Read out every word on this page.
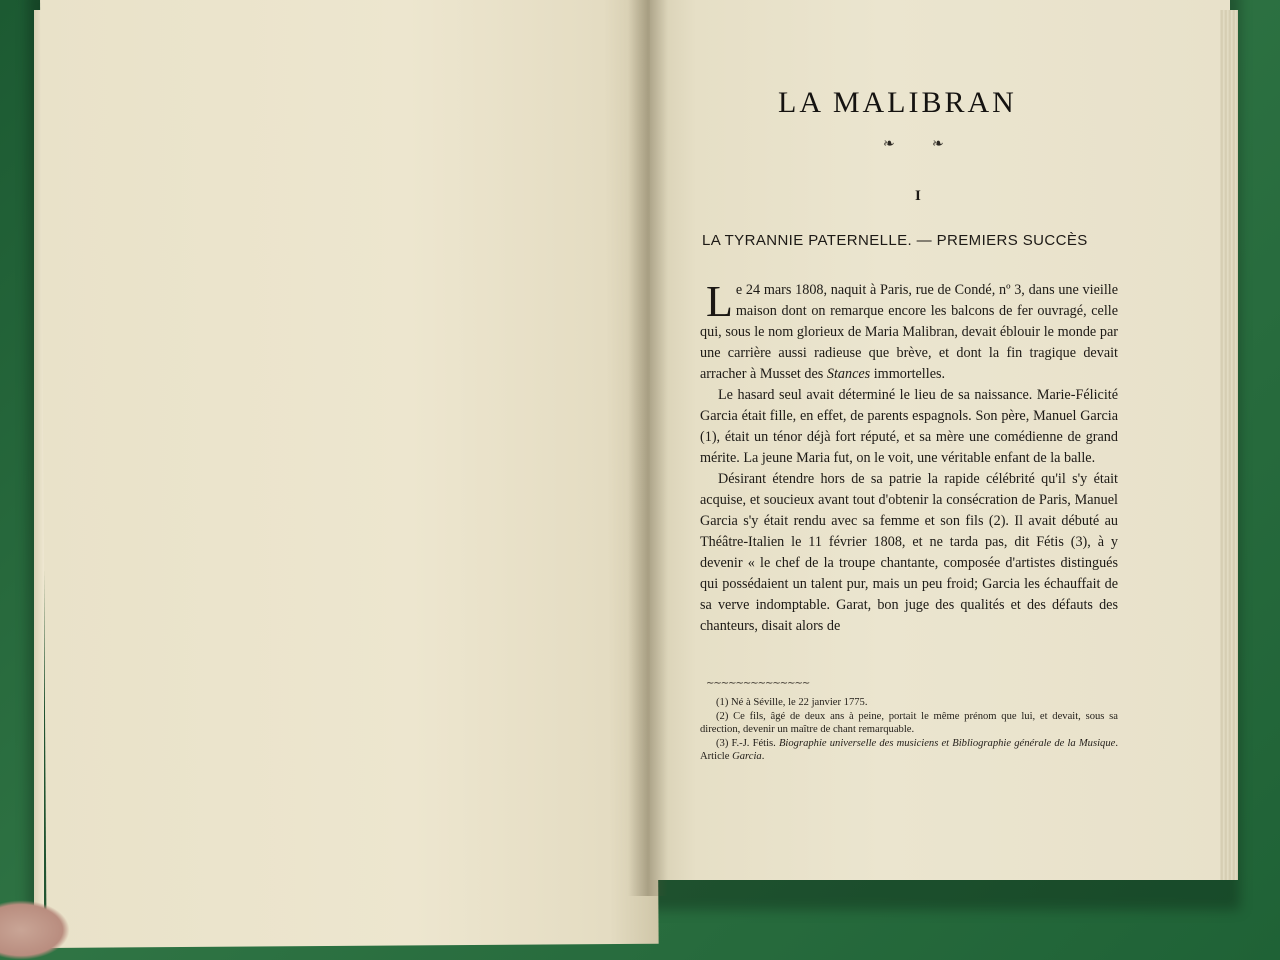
LA MALIBRAN
❧	❧
I
LA TYRANNIE PATERNELLE. — PREMIERS SUCCÈS

Le 24 mars 1808, naquit à Paris, rue de Condé, nº 3, dans une vieille maison dont on remarque encore les balcons de fer ouvragé, celle qui, sous le nom glorieux de Maria Malibran, devait éblouir le monde par une carrière aussi radieuse que brève, et dont la fin tragique devait arracher à Musset des Stances immortelles.

Le hasard seul avait déterminé le lieu de sa naissance. Marie-Félicité Garcia était fille, en effet, de parents espagnols. Son père, Manuel Garcia (1), était un ténor déjà fort réputé, et sa mère une comédienne de grand mérite. La jeune Maria fut, on le voit, une véritable enfant de la balle.

Désirant étendre hors de sa patrie la rapide célébrité qu'il s'y était acquise, et soucieux avant tout d'obtenir la consécration de Paris, Manuel Garcia s'y était rendu avec sa femme et son fils (2). Il avait débuté au Théâtre-Italien le 11 février 1808, et ne tarda pas, dit Fétis (3), à y devenir « le chef de la troupe chantante, composée d'artistes distingués qui possédaient un talent pur, mais un peu froid; Garcia les échauffait de sa verve indomptable. Garat, bon juge des qualités et des défauts des chanteurs, disait alors de

∼∼∼∼∼∼∼∼∼∼∼∼∼∼

(1) Né à Séville, le 22 janvier 1775.

(2) Ce fils, âgé de deux ans à peine, portait le même prénom que lui, et devait, sous sa direction, devenir un maître de chant remarquable.

(3) F.-J. Fétis. Biographie universelle des musiciens et Bibliographie générale de la Musique. Article Garcia.
